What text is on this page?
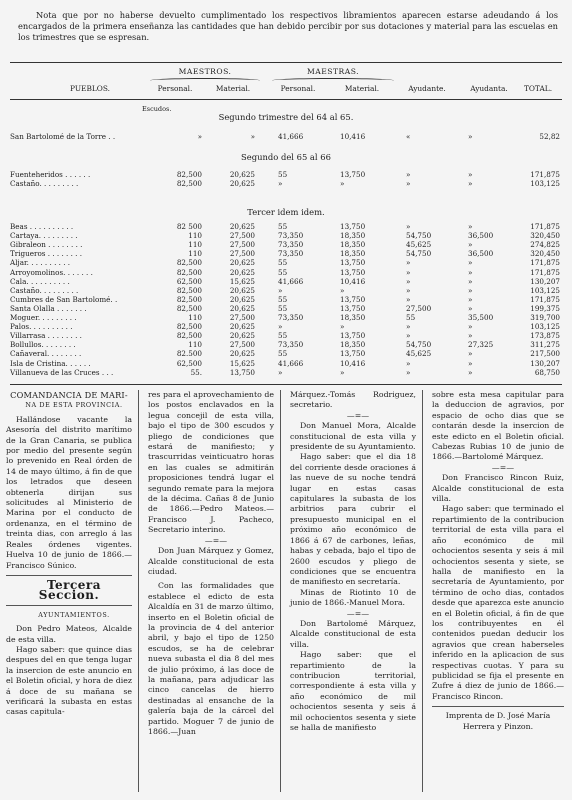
Nota que por no haberse devuelto cumplimentado los respectivos libramientos aparecen estarse adeudando á los encargados de la primera enseñanza las cantidades que han debido percibir por sus dotaciones y material para las escuelas en los trimestres que se espresan.
PUEBLOS.
MAESTROS.	MAESTRAS.
Personal.	Material.	Personal.	Material.	Ayudante.	Ayudanta.	TOTAL.
Escudos.
Segundo trimestre del 64 al 65.
San Bartolomé de la Torre . .	»	»	41,666	10,416	«	»	52,82
Segundo del 65 al 66
Fuenteheridos . . . . . .	82,500	20,625	55	13,750	»	»	171,875
Castaño. . . . . . . . .	82,500	20,625	»	»	»	»	103,125
Tercer idem idem.
Beas . . . . . . . . . .	82 500	20,625	55	13,750	»	»	171,875
Cartaya. . . . . . . . .	110	27,500	73,350	18,350	54,750	36,500	320,450
Gibraleon . . . . . . . .	110	27,500	73,350	18,350	45,625	»	274,825
Trigueros . . . . . . . .	110	27,500	73,350	18,350	54,750	36,500	320,450
Aljar. . . . . . . . . .	82,500	20,625	55	13,750	»	»	171,875
Arroyomolinos. . . . . . .	82,500	20,625	55	13,750	»	»	171,875
Cala. . . . . . . . . .	62,500	15,625	41,666	10,416	»	»	130,207
Castaño. . . . . . . . .	82,500	20,625	»	»	»	»	103,125
Cumbres de San Bartolomé. .	82,500	20,625	55	13,750	»	»	171,875
Santa Olalla . . . . . . .	82,500	20,625	55	13,750	27,500	»	199,375
Moguer. . . . . . . . .	110	27,500	73,350	18,350	55	35,500	319,700
Palos. . . . . . . . . .	82,500	20,625	»	»	»	»	103,125
Villarrasa . . . . . . . .	82,500	20,625	55	13,750	»	»	173,875
Bollullos. . . . . . . .	110	27,500	73,350	18,350	54,750	27,325	311,275
Cañaveral. . . . . . . .	82.500	20,625	55	13,750	45,625	»	217,500
Isla de Cristina. . . . . .	62,500	15,625	41,666	10,416	»	»	130,207
Villanueva de las Cruces . . .	55.	13,750	»	»	»	»	68,750

COMANDANCIA DE MARI-

NA DE ESTA PROVINCIA.

Hallándose vacante la Asesoría del distrito marítimo de la Gran Canaria, se publica por medio del presente según lo prevenido en Real órden de 14 de mayo último, á fin de que los letrados que deseen obtenerla dirijan sus solicitudes al Ministerio de Marina por el conducto de ordenanza, en el término de treinta dias, con arreglo á las Reales órdenes vigentes. Huelva 10 de junio de 1866.—Francisco Súnico.

Tercera Seccion.

AYUNTAMIENTOS.

Don Pedro Mateos, Alcalde de esta villa.

Hago saber: que quince dias despues del en que tenga lugar la insercion de este anuncio en el Boletin oficial, y hora de diez á doce de su mañana se verificará la subasta en estas casas capitula-

res para el aprovechamiento de los postos enclavados en la legua concejil de esta villa, bajo el tipo de 300 escudos y pliego de condiciones que estará de manifiesto; y trascurridas veinticuatro horas en las cuales se admitirán proposiciones tendrá lugar el segundo remate para la mejora de la décima. Cañas 8 de Junio de 1866.—Pedro Mateos.—Francisco J. Pacheco, Secretario interino.

—=—

Don Juan Márquez y Gomez, Alcalde constitucional de esta ciudad.

Con las formalidades que establece el edicto de esta Alcaldía en 31 de marzo último, inserto en el Boletin oficial de la provincia de 4 del anterior abril, y bajo el tipo de 1250 escudos, se ha de celebrar nueva subasta el dia 8 del mes de julio próximo, á las doce de la mañana, para adjudicar las cinco cancelas de hierro destinadas al ensanche de la galería baja de la cárcel del partido. Moguer 7 de junio de 1866.—Juan

Márquez.-Tomás Rodriguez, secretario.

—=—

Don Manuel Mora, Alcalde constitucional de esta villa y presidente de su Ayuntamiento.

Hago saber: que el dia 18 del corriente desde oraciones á las nueve de su noche tendrá lugar en estas casas capitulares la subasta de los arbitrios para cubrir el presupuesto municipal en el próximo año económico de 1866 á 67 de carbones, leñas, habas y cebada, bajo el tipo de 2600 escudos y pliego de condiciones que se encuentra de manifiesto en secretaría.

Minas de Riotinto 10 de junio de 1866.-Manuel Mora.

—=—

Don Bartolomé Márquez, Alcalde constitucional de esta villa.

Hago saber: que el repartimiento de la contribucion territorial, correspondiente á esta villa y año económico de mil ochocientos sesenta y seis á mil ochocientos sesenta y siete se halla de manifiesto

sobre esta mesa capitular para la deduccion de agravios, por espacio de ocho dias que se contarán desde la insercion de este edicto en el Boletin oficial. Cabezas Rubias 10 de junio de 1866.—Bartolomé Márquez.

—=—

Don Francisco Rincon Ruiz, Alcalde constitucional de esta villa.

Hago saber: que terminado el repartimiento de la contribucion territorial de esta villa para el año económico de mil ochocientos sesenta y seis á mil ochocientos sesenta y siete, se halla de manifiesto en la secretaría de Ayuntamiento, por término de ocho dias, contados desde que aparezca este anuncio en el Boletin oficial, á fin de que los contribuyentes en él contenidos puedan deducir los agravios que crean haberseles inferido en la aplicacion de sus respectivas cuotas. Y para su publicidad se fija el presente en Zufre á diez de junio de 1866.—Francisco Rincon.

Imprenta de D. José María Herrera y Pinzon.
